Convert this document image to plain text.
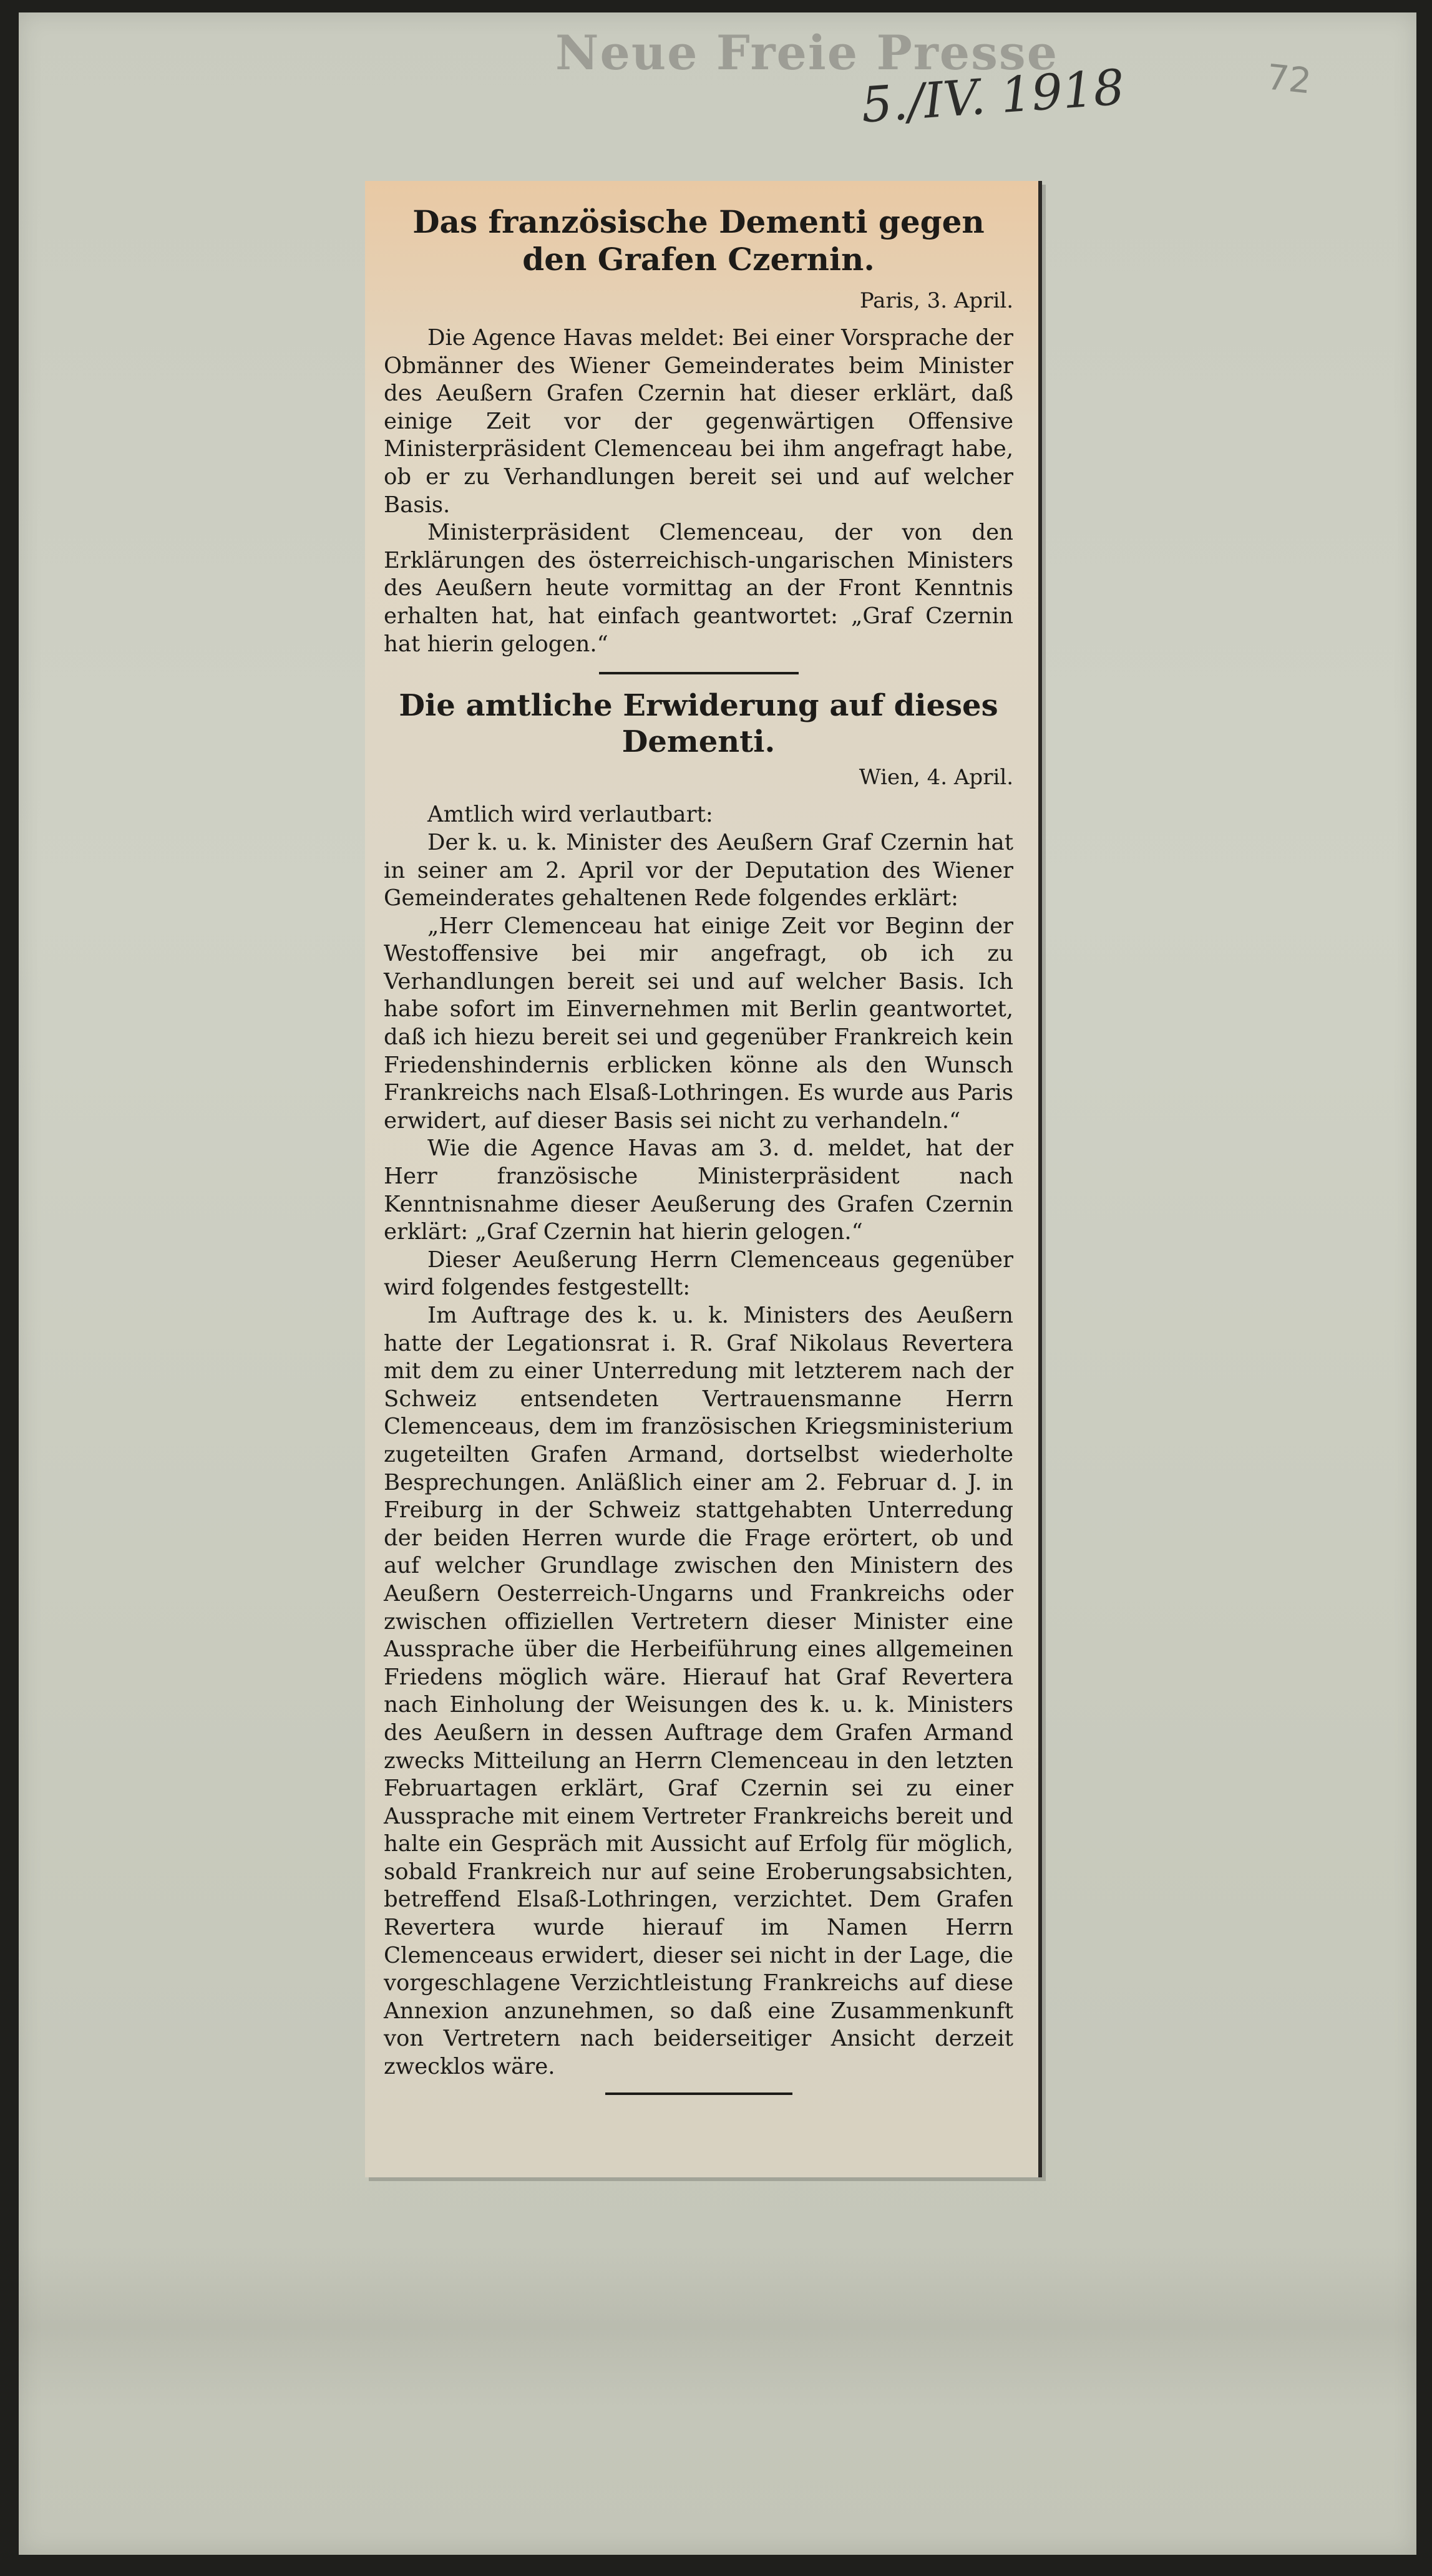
Neue Freie Presse
5./IV. 1918	72
Das französische Dementi gegen den Grafen Czernin.
Paris, 3. April.

Die Agence Havas meldet: Bei einer Vorsprache der Obmänner des Wiener Gemeinderates beim Minister des Aeußern Grafen Czernin hat dieser erklärt, daß einige Zeit vor der gegenwärtigen Offensive Ministerpräsident Clemenceau bei ihm angefragt habe, ob er zu Verhandlungen bereit sei und auf welcher Basis.

Ministerpräsident Clemenceau, der von den Erklärungen des österreichisch-ungarischen Ministers des Aeußern heute vormittag an der Front Kenntnis erhalten hat, hat einfach geantwortet: „Graf Czernin hat hierin gelogen.“

Die amtliche Erwiderung auf dieses Dementi.
Wien, 4. April.

Amtlich wird verlautbart:

Der k. u. k. Minister des Aeußern Graf Czernin hat in seiner am 2. April vor der Deputation des Wiener Gemeinderates gehaltenen Rede folgendes erklärt:

„Herr Clemenceau hat einige Zeit vor Beginn der Westoffensive bei mir angefragt, ob ich zu Verhandlungen bereit sei und auf welcher Basis. Ich habe sofort im Einvernehmen mit Berlin geantwortet, daß ich hiezu bereit sei und gegenüber Frankreich kein Friedenshindernis erblicken könne als den Wunsch Frankreichs nach Elsaß-Lothringen. Es wurde aus Paris erwidert, auf dieser Basis sei nicht zu verhandeln.“

Wie die Agence Havas am 3. d. meldet, hat der Herr französische Ministerpräsident nach Kenntnisnahme dieser Aeußerung des Grafen Czernin erklärt: „Graf Czernin hat hierin gelogen.“

Dieser Aeußerung Herrn Clemenceaus gegenüber wird folgendes festgestellt:

Im Auftrage des k. u. k. Ministers des Aeußern hatte der Legationsrat i. R. Graf Nikolaus Revertera mit dem zu einer Unterredung mit letzterem nach der Schweiz entsendeten Vertrauensmanne Herrn Clemenceaus, dem im französischen Kriegsministerium zugeteilten Grafen Armand, dortselbst wiederholte Besprechungen. Anläßlich einer am 2. Februar d. J. in Freiburg in der Schweiz stattgehabten Unterredung der beiden Herren wurde die Frage erörtert, ob und auf welcher Grundlage zwischen den Ministern des Aeußern Oesterreich-Ungarns und Frankreichs oder zwischen offiziellen Vertretern dieser Minister eine Aussprache über die Herbeiführung eines allgemeinen Friedens möglich wäre. Hierauf hat Graf Revertera nach Einholung der Weisungen des k. u. k. Ministers des Aeußern in dessen Auftrage dem Grafen Armand zwecks Mitteilung an Herrn Clemenceau in den letzten Februartagen erklärt, Graf Czernin sei zu einer Aussprache mit einem Vertreter Frankreichs bereit und halte ein Gespräch mit Aussicht auf Erfolg für möglich, sobald Frankreich nur auf seine Eroberungsabsichten, betreffend Elsaß-Lothringen, verzichtet. Dem Grafen Revertera wurde hierauf im Namen Herrn Clemenceaus erwidert, dieser sei nicht in der Lage, die vorgeschlagene Verzichtleistung Frankreichs auf diese Annexion anzunehmen, so daß eine Zusammenkunft von Vertretern nach beiderseitiger Ansicht derzeit zwecklos wäre.
